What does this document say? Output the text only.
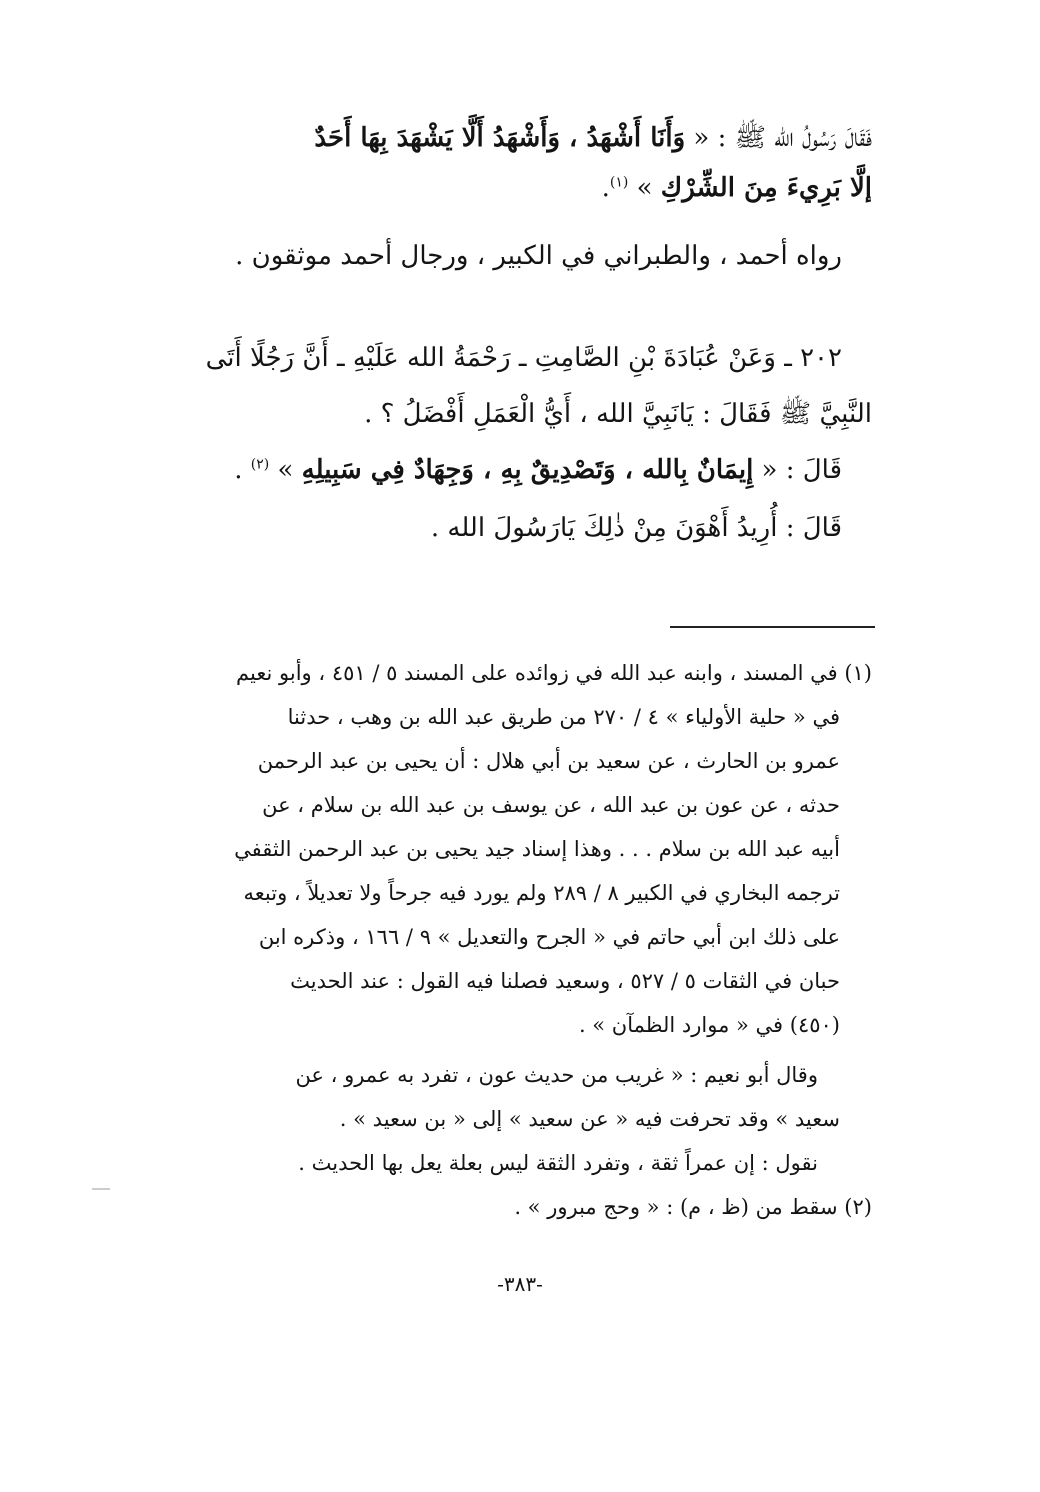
فَقَالَ رَسُولُ الله ﷺ : « وَأَنَا أَشْهَدُ ، وَأَشْهَدُ أَلَّا يَشْهَدَ بِهَا أَحَدٌ
إلَّا بَرِيءَ مِنَ الشِّرْكِ » $^{(١)}$.
رواه أحمد ، والطبراني في الكبير ، ورجال أحمد موثقون .
٢٠٢ ـ وَعَنْ عُبَادَةَ بْنِ الصَّامِتِ ـ رَحْمَةُ الله عَلَيْهِ ـ أَنَّ رَجُلًا أَتَى
النَّبِيَّ ﷺ فَقَالَ : يَانَبِيَّ الله ، أَيُّ الْعَمَلِ أَفْضَلُ ؟ .
قَالَ : « إِيمَانٌ بِالله ، وَتَصْدِيقٌ بِهِ ، وَجِهَادٌ فِي سَبِيلِهِ » $^{(٢)}$ .
قَالَ : أُرِيدُ أَهْوَنَ مِنْ ذٰلِكَ يَارَسُولَ الله .
(١) في المسند ، وابنه عبد الله في زوائده على المسند ٥ / ٤٥١ ، وأبو نعيم
في « حلية الأولياء » ٤ / ٢٧٠ من طريق عبد الله بن وهب ، حدثنا
عمرو بن الحارث ، عن سعيد بن أبي هلال : أن يحيى بن عبد الرحمن
حدثه ، عن عون بن عبد الله ، عن يوسف بن عبد الله بن سلام ، عن
أبيه عبد الله بن سلام . . . وهذا إسناد جيد يحيى بن عبد الرحمن الثقفي
ترجمه البخاري في الكبير ٨ / ٢٨٩ ولم يورد فيه جرحاً ولا تعديلاً ، وتبعه
على ذلك ابن أبي حاتم في « الجرح والتعديل » ٩ / ١٦٦ ، وذكره ابن
حبان في الثقات ٥ / ٥٢٧ ، وسعيد فصلنا فيه القول : عند الحديث
(٤٥٠) في « موارد الظمآن » .
وقال أبو نعيم : « غريب من حديث عون ، تفرد به عمرو ، عن
سعيد » وقد تحرفت فيه « عن سعيد » إلى « بن سعيد » .
نقول : إن عمراً ثقة ، وتفرد الثقة ليس بعلة يعل بها الحديث .
(٢) سقط من (ظ ، م) : « وحج مبرور » .
-٣٨٣-
